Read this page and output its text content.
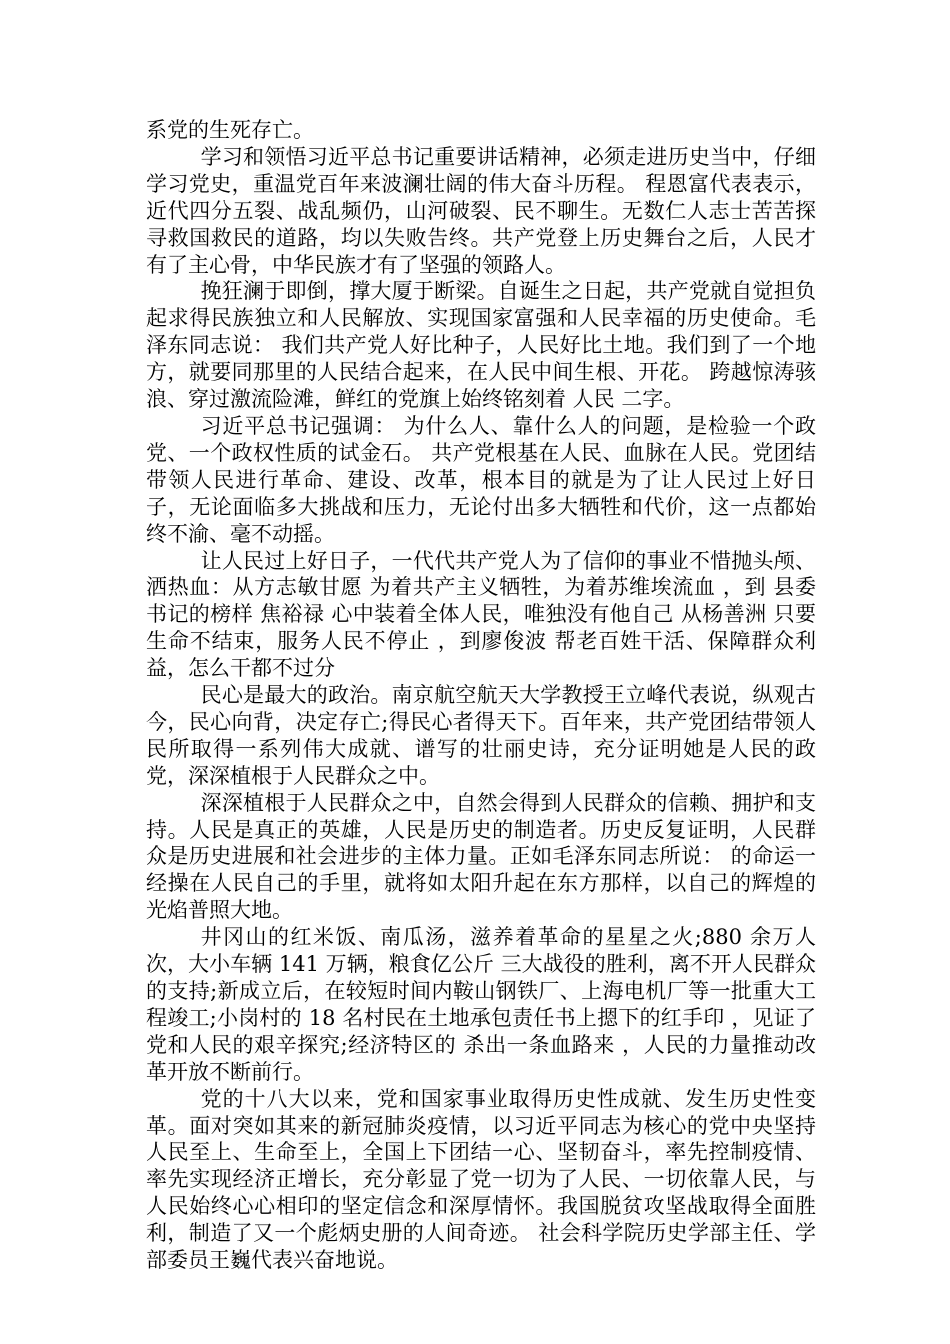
系党的生死存亡。

学习和领悟习近平总书记重要讲话精神，必须走进历史当中，仔细学习党史，重温党百年来波澜壮阔的伟大奋斗历程。 程恩富代表表示，近代四分五裂、战乱频仍，山河破裂、民不聊生。无数仁人志士苦苦探寻救国救民的道路，均以失败告终。共产党登上历史舞台之后，人民才有了主心骨，中华民族才有了坚强的领路人。

挽狂澜于即倒，撑大厦于断梁。自诞生之日起，共产党就自觉担负起求得民族独立和人民解放、实现国家富强和人民幸福的历史使命。毛泽东同志说： 我们共产党人好比种子，人民好比土地。我们到了一个地方，就要同那里的人民结合起来，在人民中间生根、开花。 跨越惊涛骇浪、穿过激流险滩，鲜红的党旗上始终铭刻着 人民 二字。

习近平总书记强调： 为什么人、靠什么人的问题，是检验一个政党、一个政权性质的试金石。 共产党根基在人民、血脉在人民。党团结带领人民进行革命、建设、改革，根本目的就是为了让人民过上好日子，无论面临多大挑战和压力，无论付出多大牺牲和代价，这一点都始终不渝、毫不动摇。

让人民过上好日子，一代代共产党人为了信仰的事业不惜抛头颅、洒热血：从方志敏甘愿 为着共产主义牺牲，为着苏维埃流血 ，到 县委书记的榜样 焦裕禄 心中装着全体人民，唯独没有他自己 从杨善洲 只要生命不结束，服务人民不停止 ，到廖俊波 帮老百姓干活、保障群众利益，怎么干都不过分

民心是最大的政治。南京航空航天大学教授王立峰代表说，纵观古今，民心向背，决定存亡;得民心者得天下。百年来，共产党团结带领人民所取得一系列伟大成就、谱写的壮丽史诗，充分证明她是人民的政党，深深植根于人民群众之中。

深深植根于人民群众之中，自然会得到人民群众的信赖、拥护和支持。人民是真正的英雄，人民是历史的制造者。历史反复证明，人民群众是历史进展和社会进步的主体力量。正如毛泽东同志所说： 的命运一经操在人民自己的手里，就将如太阳升起在东方那样，以自己的辉煌的光焰普照大地。

井冈山的红米饭、南瓜汤，滋养着革命的星星之火;880 余万人次，大小车辆 141 万辆，粮食亿公斤 三大战役的胜利，离不开人民群众的支持;新成立后，在较短时间内鞍山钢铁厂、上海电机厂等一批重大工程竣工;小岗村的 18 名村民在土地承包责任书上摁下的红手印 ，见证了党和人民的艰辛探究;经济特区的 杀出一条血路来 ，人民的力量推动改革开放不断前行。

党的十八大以来，党和国家事业取得历史性成就、发生历史性变革。面对突如其来的新冠肺炎疫情，以习近平同志为核心的党中央坚持人民至上、生命至上，全国上下团结一心、坚韧奋斗，率先控制疫情、率先实现经济正增长，充分彰显了党一切为了人民、一切依靠人民，与人民始终心心相印的坚定信念和深厚情怀。我国脱贫攻坚战取得全面胜利，制造了又一个彪炳史册的人间奇迹。 社会科学院历史学部主任、学部委员王巍代表兴奋地说。
